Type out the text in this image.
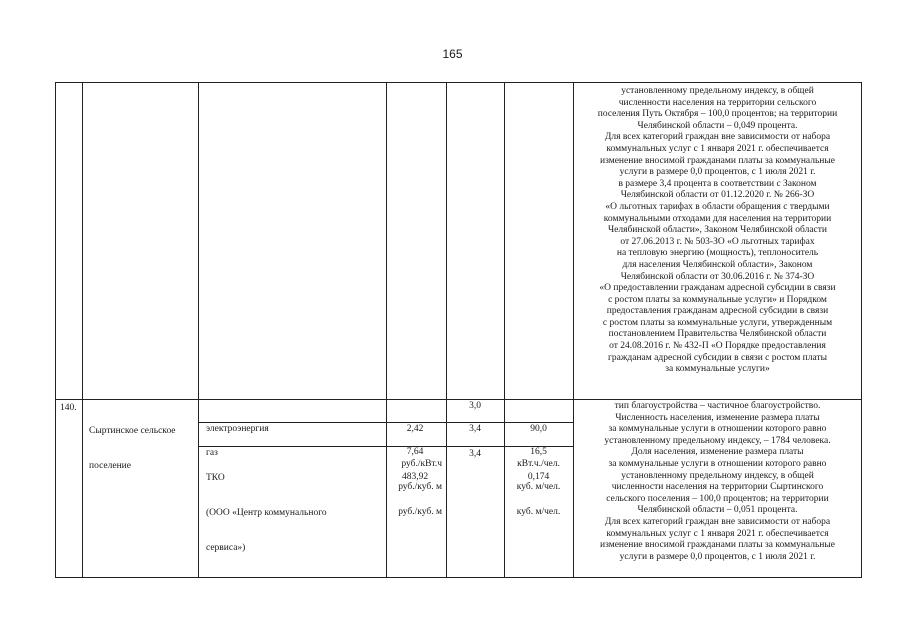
165
установленному предельному индексу, в общей
численности населения на территории сельского
поселения Путь Октября – 100,0 процентов; на территории
Челябинской области – 0,049 процента.
Для всех категорий граждан вне зависимости от набора
коммунальных услуг с 1 января 2021 г. обеспечивается
изменение вносимой гражданами платы за коммунальные
услуги в размере 0,0 процентов, с 1 июля 2021 г.
в размере 3,4 процента в соответствии с Законом
Челябинской области от 01.12.2020 г. № 266-ЗО
«О льготных тарифах в области обращения с твердыми
коммунальными отходами для населения на территории
Челябинской области», Законом Челябинской области
от 27.06.2013 г. № 503-ЗО «О льготных тарифах
на тепловую энергию (мощность), теплоноситель
для населения Челябинской области», Законом
Челябинской области от 30.06.2016 г. № 374-ЗО
«О предоставлении гражданам адресной субсидии в связи
с ростом платы за коммунальные услуги» и Порядком
предоставления гражданам адресной субсидии в связи
с ростом платы за коммунальные услуги, утвержденным
постановлением Правительства Челябинской области
от 24.08.2016 г. № 432-П «О Порядке предоставления
гражданам адресной субсидии в связи с ростом платы
за коммунальные услуги»
140.

Сыртинское сельское

поселение

электроэнергия

	2,42

руб./кВт.ч

3,0

90,0

кВт.ч./чел.

газ

	7,64

руб./куб. м

3,4

16,5

куб. м/чел.

ТКО

(ООО «Центр коммунального

сервиса»)

483,92

руб./куб. м

3,4

0,174

куб. м/чел.

тип благоустройства – частичное благоустройство.
Численность населения, изменение размера платы
за коммунальные услуги в отношении которого равно
установленному предельному индексу, – 1784 человека.
Доля населения, изменение размера платы
за коммунальные услуги в отношении которого равно
установленному предельному индексу, в общей
численности населения на территории Сыртинского
сельского поселения – 100,0 процентов; на территории
Челябинской области – 0,051 процента.
Для всех категорий граждан вне зависимости от набора
коммунальных услуг с 1 января 2021 г. обеспечивается
изменение вносимой гражданами платы за коммунальные
услуги в размере 0,0 процентов, с 1 июля 2021 г.
